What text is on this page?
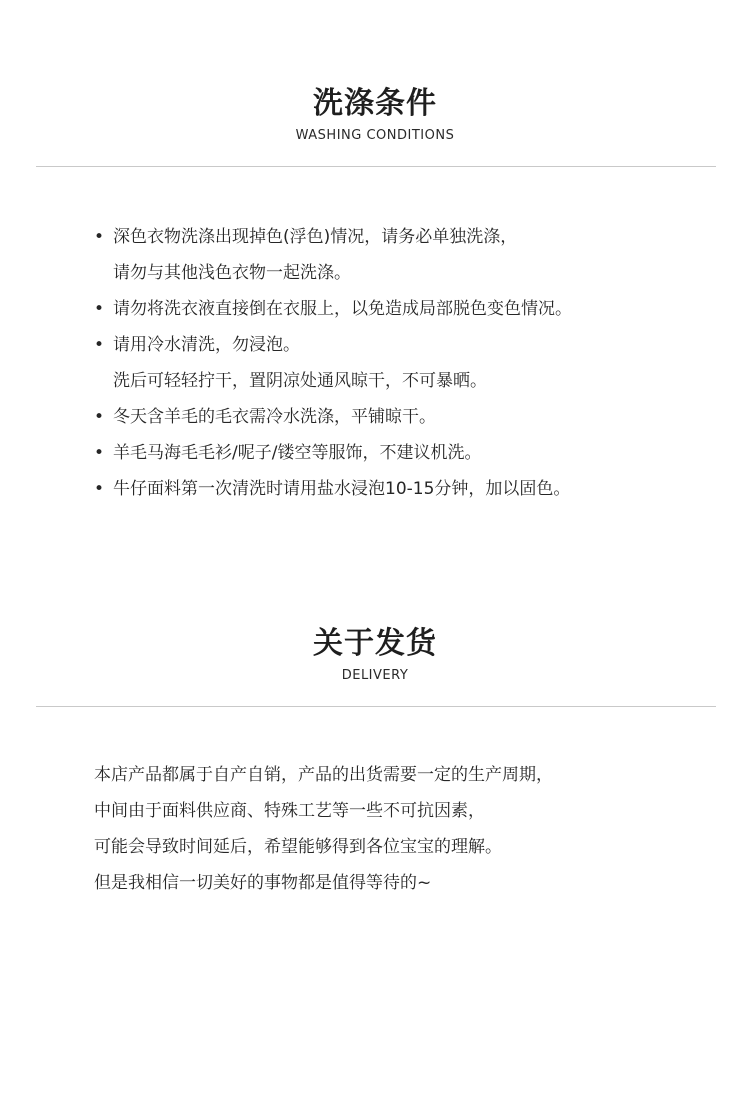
洗涤条件
WASHING CONDITIONS
• 深色衣物洗涤出现掉色(浮色)情况，请务必单独洗涤，
请勿与其他浅色衣物一起洗涤。
• 请勿将洗衣液直接倒在衣服上，以免造成局部脱色变色情况。
• 请用冷水清洗，勿浸泡。
洗后可轻轻拧干，置阴凉处通风晾干，不可暴晒。
• 冬天含羊毛的毛衣需冷水洗涤，平铺晾干。
• 羊毛马海毛毛衫/呢子/镂空等服饰，不建议机洗。
• 牛仔面料第一次清洗时请用盐水浸泡10-15分钟，加以固色。
关于发货
DELIVERY
本店产品都属于自产自销，产品的出货需要一定的生产周期，
中间由于面料供应商、特殊工艺等一些不可抗因素，
可能会导致时间延后，希望能够得到各位宝宝的理解。
但是我相信一切美好的事物都是值得等待的~
